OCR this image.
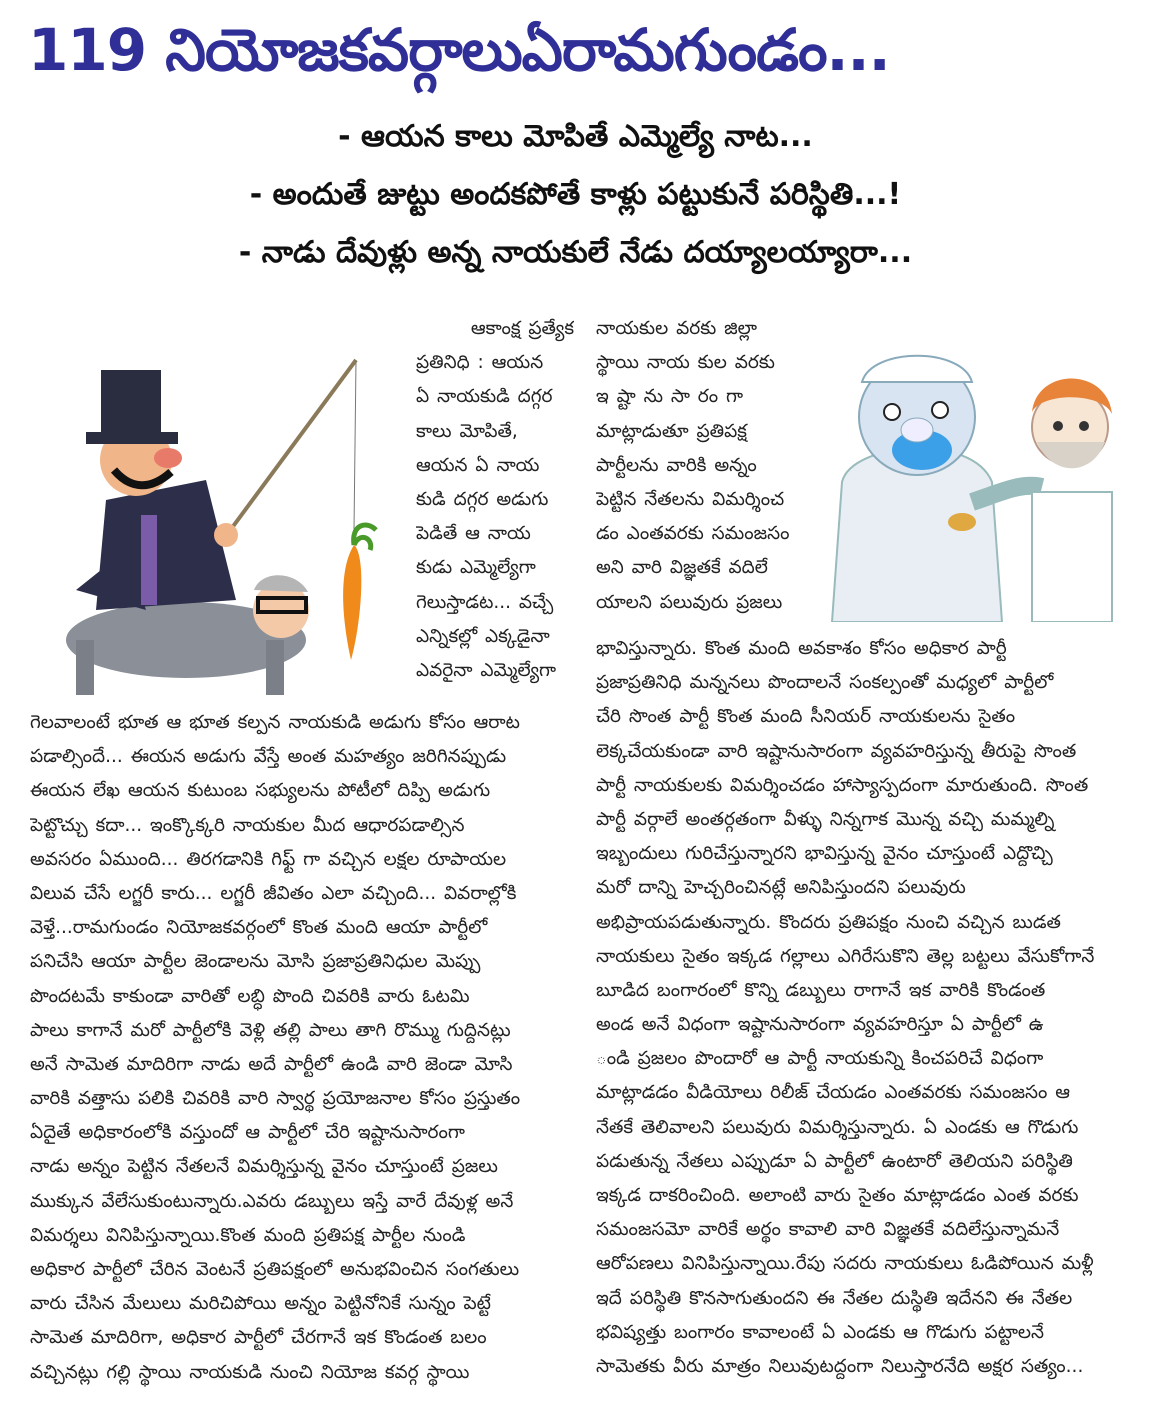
119 నియోజకవర్గాలుఏరామగుండం...
- ఆయన కాలు మోపితే ఎమ్మెల్యే నాట...
- అందుతే జుట్టు అందకపోతే కాళ్లు పట్టుకునే పరిస్థితి...!
- నాడు దేవుళ్లు అన్న నాయకులే నేడు దయ్యాలయ్యారా...
ఆకాంక్ష ప్రత్యేక
ప్రతినిధి : ఆయన
ఏ నాయకుడి దగ్గర
కాలు మోపితే,
ఆయన ఏ నాయ
కుడి దగ్గర అడుగు
పెడితే ఆ నాయ
కుడు ఎమ్మెల్యేగా
గెలుస్తాడట... వచ్చే
ఎన్నికల్లో ఎక్కడైనా
ఎవరైనా ఎమ్మెల్యేగా
గెలవాలంటే భూత ఆ భూత కల్పన నాయకుడి అడుగు కోసం ఆరాట
పడాల్సిందే... ఈయన అడుగు వేస్తే అంత మహత్యం జరిగినప్పుడు
ఈయన లేఖ ఆయన కుటుంబ సభ్యులను పోటీలో దిప్పి అడుగు
పెట్టొచ్చు కదా... ఇంక్కొక్కరి నాయకుల మీద ఆధారపడాల్సిన
అవసరం ఏముంది... తిరగడానికి గిఫ్ట్ గా వచ్చిన లక్షల రూపాయల
విలువ చేసే లగ్జరీ కారు... లగ్జరీ జీవితం ఎలా వచ్చింది... వివరాల్లోకి
వెళ్తే...రామగుండం నియోజకవర్గంలో కొంత మంది ఆయా పార్టీలో
పనిచేసి ఆయా పార్టీల జెండాలను మోసి ప్రజాప్రతినిధుల మెప్పు
పొందటమే కాకుండా వారితో లబ్ధి పొంది చివరికి వారు ఓటమి
పాలు కాగానే మరో పార్టీలోకి వెళ్లి తల్లి పాలు తాగి రొమ్ము గుద్దినట్లు
అనే సామెత మాదిరిగా నాడు అదే పార్టీలో ఉండి వారి జెండా మోసి
వారికి వత్తాసు పలికి చివరికి వారి స్వార్థ ప్రయోజనాల కోసం ప్రస్తుతం
ఏదైతే అధికారంలోకి వస్తుందో ఆ పార్టీలో చేరి ఇష్టానుసారంగా
నాడు అన్నం పెట్టిన నేతలనే విమర్శిస్తున్న వైనం చూస్తుంటే ప్రజలు
ముక్కున వేలేసుకుంటున్నారు.ఎవరు డబ్బులు ఇస్తే వారే దేవుళ్ల అనే
విమర్శలు వినిపిస్తున్నాయి.కొంత మంది ప్రతిపక్ష పార్టీల నుండి
అధికార పార్టీలో చేరిన వెంటనే ప్రతిపక్షంలో అనుభవించిన సంగతులు
వారు చేసిన మేలులు మరిచిపోయి అన్నం పెట్టినోనికే సున్నం పెట్టే
సామెత మాదిరిగా, అధికార పార్టీలో చేరగానే ఇక కొండంత బలం
వచ్చినట్లు గల్లి స్థాయి నాయకుడి నుంచి నియోజ కవర్గ స్థాయి
నాయకుల వరకు జిల్లా
స్థాయి నాయ కుల వరకు
ఇ ష్టా ను సా రం గా
మాట్లాడుతూ ప్రతిపక్ష
పార్టీలను వారికి అన్నం
పెట్టిన నేతలను విమర్శించ
డం ఎంతవరకు సమంజసం
అని వారి విజ్ఞతకే వదిలే
యాలని పలువురు ప్రజలు
భావిస్తున్నారు. కొంత మంది అవకాశం కోసం అధికార పార్టీ
ప్రజాప్రతినిధి మన్ననలు పొందాలనే సంకల్పంతో మధ్యలో పార్టీలో
చేరి సొంత పార్టీ కొంత మంది సీనియర్ నాయకులను సైతం
లెక్కచేయకుండా వారి ఇష్టానుసారంగా వ్యవహరిస్తున్న తీరుపై సొంత
పార్టీ నాయకులకు విమర్శించడం హాస్యాస్పదంగా మారుతుంది. సొంత
పార్టీ వర్గాలే అంతర్గతంగా వీళ్ళు నిన్నగాక మొన్న వచ్చి మమ్మల్ని
ఇబ్బందులు గురిచేస్తున్నారని భావిస్తున్న వైనం చూస్తుంటే ఎద్దొచ్చి
మరో దాన్ని హెచ్చరించినట్లే అనిపిస్తుందని పలువురు
అభిప్రాయపడుతున్నారు. కొందరు ప్రతిపక్షం నుంచి వచ్చిన బుడత
నాయకులు సైతం ఇక్కడ గల్లాలు ఎగిరేసుకొని తెల్ల బట్టలు వేసుకోగానే
బూడిద బంగారంలో కొన్ని డబ్బులు రాగానే ఇక వారికి కొండంత
అండ అనే విధంగా ఇష్టానుసారంగా వ్యవహరిస్తూ ఏ పార్టీలో ఉ
ండి ప్రజలం పొందారో ఆ పార్టీ నాయకున్ని కించపరిచే విధంగా
మాట్లాడడం వీడియోలు రిలీజ్ చేయడం ఎంతవరకు సమంజసం ఆ
నేతకే తెలివాలని పలువురు విమర్శిస్తున్నారు. ఏ ఎండకు ఆ గొడుగు
పడుతున్న నేతలు ఎప్పుడూ ఏ పార్టీలో ఉంటారో తెలియని పరిస్థితి
ఇక్కడ దాకరించింది. అలాంటి వారు సైతం మాట్లాడడం ఎంత వరకు
సమంజసమో వారికే అర్థం కావాలి వారి విజ్ఞతకే వదిలేస్తున్నామనే
ఆరోపణలు వినిపిస్తున్నాయి.రేపు సదరు నాయకులు ఓడిపోయిన మళ్లీ
ఇదే పరిస్థితి కొనసాగుతుందని ఈ నేతల దుస్థితి ఇదేనని ఈ నేతల
భవిష్యత్తు బంగారం కావాలంటే ఏ ఎండకు ఆ గొడుగు పట్టాలనే
సామెతకు వీరు మాత్రం నిలువుటద్దంగా నిలుస్తారనేది అక్షర సత్యం...
